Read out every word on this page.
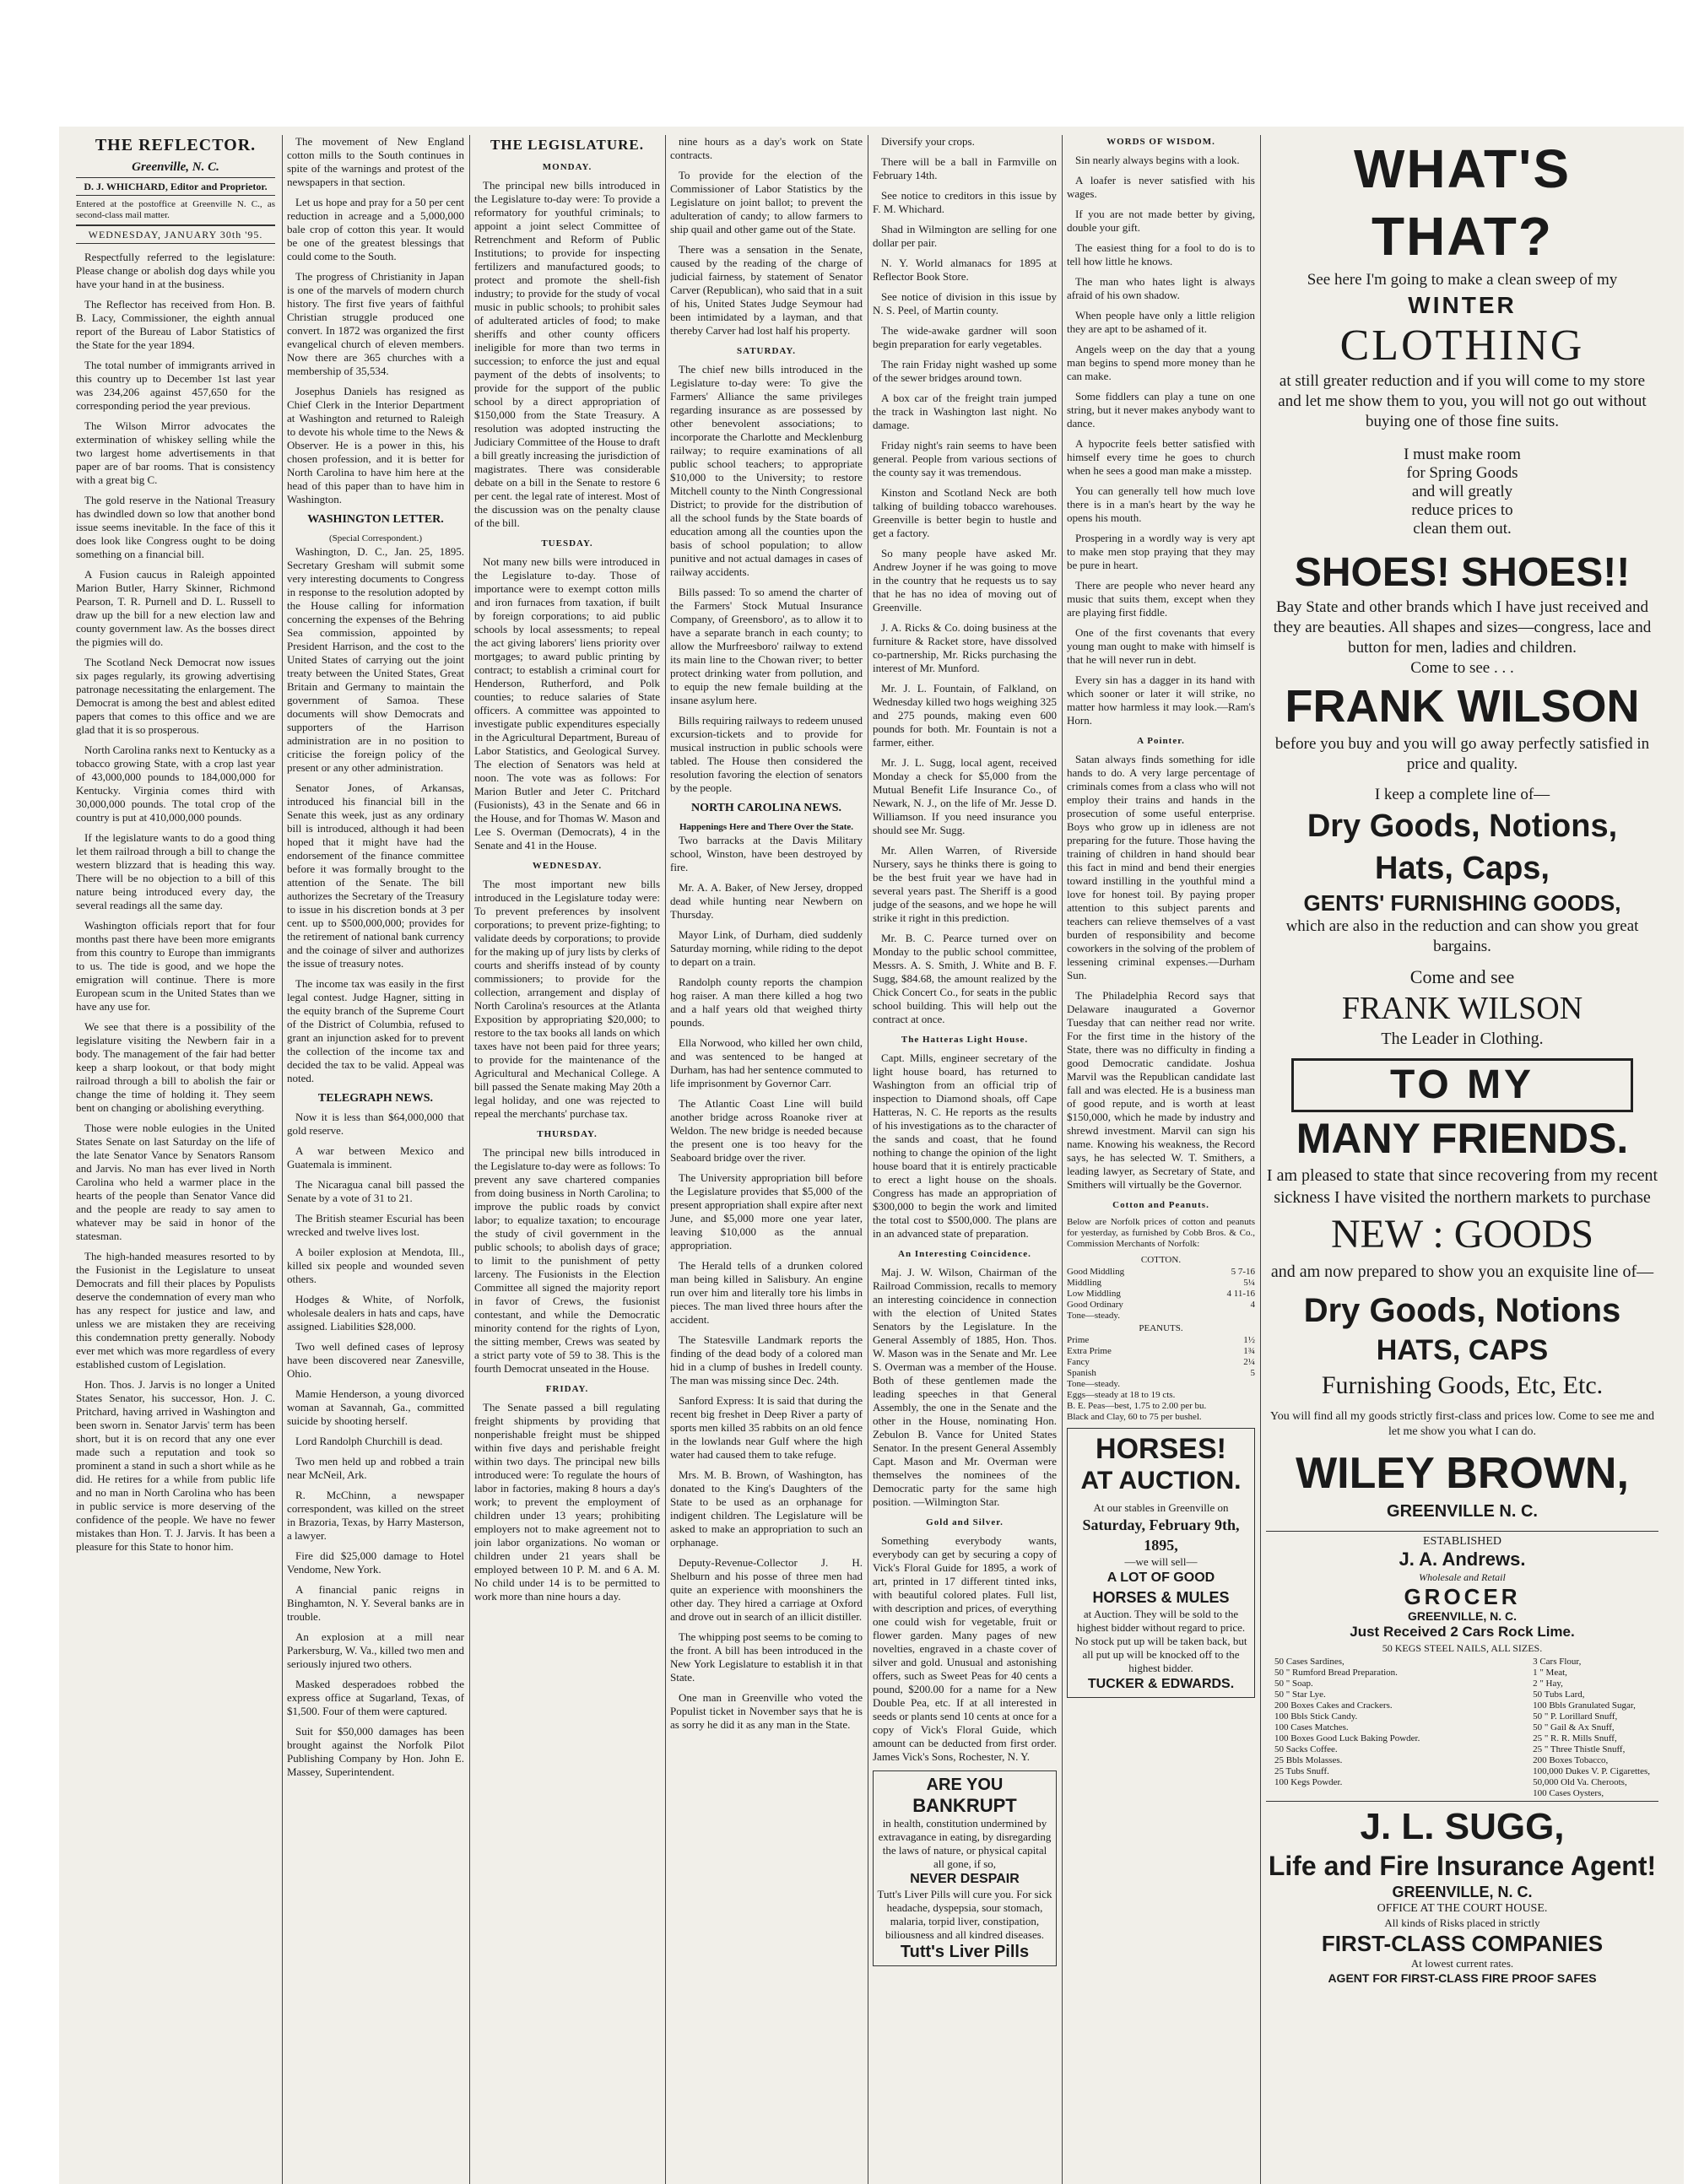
THE REFLECTOR.
Greenville, N. C.
D. J. WHICHARD, Editor and Proprietor.
Entered at the postoffice at Greenville N. C., as second-class mail matter.
WEDNESDAY, JANUARY 30th '95.

Respectfully referred to the legislature: Please change or abolish dog days while you have your hand in at the business.

The Reflector has received from Hon. B. B. Lacy, Commissioner, the eighth annual report of the Bureau of Labor Statistics of the State for the year 1894.

The total number of immigrants arrived in this country up to December 1st last year was 234,206 against 457,650 for the corresponding period the year previous.

The Wilson Mirror advocates the extermination of whiskey selling while the two largest home advertisements in that paper are of bar rooms. That is consistency with a great big C.

The gold reserve in the National Treasury has dwindled down so low that another bond issue seems inevitable. In the face of this it does look like Congress ought to be doing something on a financial bill.

A Fusion caucus in Raleigh appointed Marion Butler, Harry Skinner, Richmond Pearson, T. R. Purnell and D. L. Russell to draw up the bill for a new election law and county government law. As the bosses direct the pigmies will do.

The Scotland Neck Democrat now issues six pages regularly, its growing advertising patronage necessitating the enlargement. The Democrat is among the best and ablest edited papers that comes to this office and we are glad that it is so prosperous.

North Carolina ranks next to Kentucky as a tobacco growing State, with a crop last year of 43,000,000 pounds to 184,000,000 for Kentucky. Virginia comes third with 30,000,000 pounds. The total crop of the country is put at 410,000,000 pounds.

If the legislature wants to do a good thing let them railroad through a bill to change the western blizzard that is heading this way. There will be no objection to a bill of this nature being introduced every day, the several readings all the same day.

Washington officials report that for four months past there have been more emigrants from this country to Europe than immigrants to us. The tide is good, and we hope the emigration will continue. There is more European scum in the United States than we have any use for.

We see that there is a possibility of the legislature visiting the Newbern fair in a body. The management of the fair had better keep a sharp lookout, or that body might railroad through a bill to abolish the fair or change the time of holding it. They seem bent on changing or abolishing everything.

Those were noble eulogies in the United States Senate on last Saturday on the life of the late Senator Vance by Senators Ransom and Jarvis. No man has ever lived in North Carolina who held a warmer place in the hearts of the people than Senator Vance did and the people are ready to say amen to whatever may be said in honor of the statesman.

The high-handed measures resorted to by the Fusionist in the Legislature to unseat Democrats and fill their places by Populists deserve the condemnation of every man who has any respect for justice and law, and unless we are mistaken they are receiving this condemnation pretty generally. Nobody ever met which was more regardless of every established custom of Legislation.

Hon. Thos. J. Jarvis is no longer a United States Senator, his successor, Hon. J. C. Pritchard, having arrived in Washington and been sworn in. Senator Jarvis' term has been short, but it is on record that any one ever made such a reputation and took so prominent a stand in such a short while as he did. He retires for a while from public life and no man in North Carolina who has been in public service is more deserving of the confidence of the people. We have no fewer mistakes than Hon. T. J. Jarvis. It has been a pleasure for this State to honor him.

The movement of New England cotton mills to the South continues in spite of the warnings and protest of the newspapers in that section.

Let us hope and pray for a 50 per cent reduction in acreage and a 5,000,000 bale crop of cotton this year. It would be one of the greatest blessings that could come to the South.

The progress of Christianity in Japan is one of the marvels of modern church history. The first five years of faithful Christian struggle produced one convert. In 1872 was organized the first evangelical church of eleven members. Now there are 365 churches with a membership of 35,534.

Josephus Daniels has resigned as Chief Clerk in the Interior Department at Washington and returned to Raleigh to devote his whole time to the News & Observer. He is a power in this, his chosen profession, and it is better for North Carolina to have him here at the head of this paper than to have him in Washington.

WASHINGTON LETTER.
(Special Correspondent.)

Washington, D. C., Jan. 25, 1895. Secretary Gresham will submit some very interesting documents to Congress in response to the resolution adopted by the House calling for information concerning the expenses of the Behring Sea commission, appointed by President Harrison, and the cost to the United States of carrying out the joint treaty between the United States, Great Britain and Germany to maintain the government of Samoa. These documents will show Democrats and supporters of the Harrison administration are in no position to criticise the foreign policy of the present or any other administration.

Senator Jones, of Arkansas, introduced his financial bill in the Senate this week, just as any ordinary bill is introduced, although it had been hoped that it might have had the endorsement of the finance committee before it was formally brought to the attention of the Senate. The bill authorizes the Secretary of the Treasury to issue in his discretion bonds at 3 per cent. up to $500,000,000; provides for the retirement of national bank currency and the coinage of silver and authorizes the issue of treasury notes.

The income tax was easily in the first legal contest. Judge Hagner, sitting in the equity branch of the Supreme Court of the District of Columbia, refused to grant an injunction asked for to prevent the collection of the income tax and decided the tax to be valid. Appeal was noted.

TELEGRAPH NEWS.

Now it is less than $64,000,000 that gold reserve.

A war between Mexico and Guatemala is imminent.

The Nicaragua canal bill passed the Senate by a vote of 31 to 21.

The British steamer Escurial has been wrecked and twelve lives lost.

A boiler explosion at Mendota, Ill., killed six people and wounded seven others.

Hodges & White, of Norfolk, wholesale dealers in hats and caps, have assigned. Liabilities $28,000.

Two well defined cases of leprosy have been discovered near Zanesville, Ohio.

Mamie Henderson, a young divorced woman at Savannah, Ga., committed suicide by shooting herself.

Lord Randolph Churchill is dead.

Two men held up and robbed a train near McNeil, Ark.

R. McChinn, a newspaper correspondent, was killed on the street in Brazoria, Texas, by Harry Masterson, a lawyer.

Fire did $25,000 damage to Hotel Vendome, New York.

A financial panic reigns in Binghamton, N. Y. Several banks are in trouble.

An explosion at a mill near Parkersburg, W. Va., killed two men and seriously injured two others.

Masked desperadoes robbed the express office at Sugarland, Texas, of $1,500. Four of them were captured.

Suit for $50,000 damages has been brought against the Norfolk Pilot Publishing Company by Hon. John E. Massey, Superintendent.

THE LEGISLATURE.
MONDAY.

The principal new bills introduced in the Legislature to-day were: To provide a reformatory for youthful criminals; to appoint a joint select Committee of Retrenchment and Reform of Public Institutions; to provide for inspecting fertilizers and manufactured goods; to protect and promote the shell-fish industry; to provide for the study of vocal music in public schools; to prohibit sales of adulterated articles of food; to make sheriffs and other county officers ineligible for more than two terms in succession; to enforce the just and equal payment of the debts of insolvents; to provide for the support of the public school by a direct appropriation of $150,000 from the State Treasury. A resolution was adopted instructing the Judiciary Committee of the House to draft a bill greatly increasing the jurisdiction of magistrates. There was considerable debate on a bill in the Senate to restore 6 per cent. the legal rate of interest. Most of the discussion was on the penalty clause of the bill.

TUESDAY.

Not many new bills were introduced in the Legislature to-day. Those of importance were to exempt cotton mills and iron furnaces from taxation, if built by foreign corporations; to aid public schools by local assessments; to repeal the act giving laborers' liens priority over mortgages; to award public printing by contract; to establish a criminal court for Henderson, Rutherford, and Polk counties; to reduce salaries of State officers. A committee was appointed to investigate public expenditures especially in the Agricultural Department, Bureau of Labor Statistics, and Geological Survey. The election of Senators was held at noon. The vote was as follows: For Marion Butler and Jeter C. Pritchard (Fusionists), 43 in the Senate and 66 in the House, and for Thomas W. Mason and Lee S. Overman (Democrats), 4 in the Senate and 41 in the House.

WEDNESDAY.

The most important new bills introduced in the Legislature today were: To prevent preferences by insolvent corporations; to prevent prize-fighting; to validate deeds by corporations; to provide for the making up of jury lists by clerks of courts and sheriffs instead of by county commissioners; to provide for the collection, arrangement and display of North Carolina's resources at the Atlanta Exposition by appropriating $20,000; to restore to the tax books all lands on which taxes have not been paid for three years; to provide for the maintenance of the Agricultural and Mechanical College. A bill passed the Senate making May 20th a legal holiday, and one was rejected to repeal the merchants' purchase tax.

THURSDAY.

The principal new bills introduced in the Legislature to-day were as follows: To prevent any save chartered companies from doing business in North Carolina; to improve the public roads by convict labor; to equalize taxation; to encourage the study of civil government in the public schools; to abolish days of grace; to limit to the punishment of petty larceny. The Fusionists in the Election Committee all signed the majority report in favor of Crews, the fusionist contestant, and while the Democratic minority contend for the rights of Lyon, the sitting member, Crews was seated by a strict party vote of 59 to 38. This is the fourth Democrat unseated in the House.

FRIDAY.

The Senate passed a bill regulating freight shipments by providing that nonperishable freight must be shipped within five days and perishable freight within two days. The principal new bills introduced were: To regulate the hours of labor in factories, making 8 hours a day's work; to prevent the employment of children under 13 years; prohibiting employers not to make agreement not to join labor organizations. No woman or children under 21 years shall be employed between 10 P. M. and 6 A. M. No child under 14 is to be permitted to work more than nine hours a day.

nine hours as a day's work on State contracts.

To provide for the election of the Commissioner of Labor Statistics by the Legislature on joint ballot; to prevent the adulteration of candy; to allow farmers to ship quail and other game out of the State.

There was a sensation in the Senate, caused by the reading of the charge of judicial fairness, by statement of Senator Carver (Republican), who said that in a suit of his, United States Judge Seymour had been intimidated by a layman, and that thereby Carver had lost half his property.

SATURDAY.

The chief new bills introduced in the Legislature to-day were: To give the Farmers' Alliance the same privileges regarding insurance as are possessed by other benevolent associations; to incorporate the Charlotte and Mecklenburg railway; to require examinations of all public school teachers; to appropriate $10,000 to the University; to restore Mitchell county to the Ninth Congressional District; to provide for the distribution of all the school funds by the State boards of education among all the counties upon the basis of school population; to allow punitive and not actual damages in cases of railway accidents.

Bills passed: To so amend the charter of the Farmers' Stock Mutual Insurance Company, of Greensboro', as to allow it to have a separate branch in each county; to allow the Murfreesboro' railway to extend its main line to the Chowan river; to better protect drinking water from pollution, and to equip the new female building at the insane asylum here.

Bills requiring railways to redeem unused excursion-tickets and to provide for musical instruction in public schools were tabled. The House then considered the resolution favoring the election of senators by the people.

NORTH CAROLINA NEWS.
Happenings Here and There Over the State.

Two barracks at the Davis Military school, Winston, have been destroyed by fire.

Mr. A. A. Baker, of New Jersey, dropped dead while hunting near Newbern on Thursday.

Mayor Link, of Durham, died suddenly Saturday morning, while riding to the depot to depart on a train.

Randolph county reports the champion hog raiser. A man there killed a hog two and a half years old that weighed thirty pounds.

Ella Norwood, who killed her own child, and was sentenced to be hanged at Durham, has had her sentence commuted to life imprisonment by Governor Carr.

The Atlantic Coast Line will build another bridge across Roanoke river at Weldon. The new bridge is needed because the present one is too heavy for the Seaboard bridge over the river.

The University appropriation bill before the Legislature provides that $5,000 of the present appropriation shall expire after next June, and $5,000 more one year later, leaving $10,000 as the annual appropriation.

The Herald tells of a drunken colored man being killed in Salisbury. An engine run over him and literally tore his limbs in pieces. The man lived three hours after the accident.

The Statesville Landmark reports the finding of the dead body of a colored man hid in a clump of bushes in Iredell county. The man was missing since Dec. 24th.

Sanford Express: It is said that during the recent big freshet in Deep River a party of sports men killed 35 rabbits on an old fence in the lowlands near Gulf where the high water had caused them to take refuge.

Mrs. M. B. Brown, of Washington, has donated to the King's Daughters of the State to be used as an orphanage for indigent children. The Legislature will be asked to make an appropriation to such an orphanage.

Deputy-Revenue-Collector J. H. Shelburn and his posse of three men had quite an experience with moonshiners the other day. They hired a carriage at Oxford and drove out in search of an illicit distiller.

The whipping post seems to be coming to the front. A bill has been introduced in the New York Legislature to establish it in that State.

One man in Greenville who voted the Populist ticket in November says that he is as sorry he did it as any man in the State.

Diversify your crops.

There will be a ball in Farmville on February 14th.

See notice to creditors in this issue by F. M. Whichard.

Shad in Wilmington are selling for one dollar per pair.

N. Y. World almanacs for 1895 at Reflector Book Store.

See notice of division in this issue by N. S. Peel, of Martin county.

The wide-awake gardner will soon begin preparation for early vegetables.

The rain Friday night washed up some of the sewer bridges around town.

A box car of the freight train jumped the track in Washington last night. No damage.

Friday night's rain seems to have been general. People from various sections of the county say it was tremendous.

Kinston and Scotland Neck are both talking of building tobacco warehouses. Greenville is better begin to hustle and get a factory.

So many people have asked Mr. Andrew Joyner if he was going to move in the country that he requests us to say that he has no idea of moving out of Greenville.

J. A. Ricks & Co. doing business at the furniture & Racket store, have dissolved co-partnership, Mr. Ricks purchasing the interest of Mr. Munford.

Mr. J. L. Fountain, of Falkland, on Wednesday killed two hogs weighing 325 and 275 pounds, making even 600 pounds for both. Mr. Fountain is not a farmer, either.

Mr. J. L. Sugg, local agent, received Monday a check for $5,000 from the Mutual Benefit Life Insurance Co., of Newark, N. J., on the life of Mr. Jesse D. Williamson. If you need insurance you should see Mr. Sugg.

Mr. Allen Warren, of Riverside Nursery, says he thinks there is going to be the best fruit year we have had in several years past. The Sheriff is a good judge of the seasons, and we hope he will strike it right in this prediction.

Mr. B. C. Pearce turned over on Monday to the public school committee, Messrs. A. S. Smith, J. White and B. F. Sugg, $84.68, the amount realized by the Chick Concert Co., for seats in the public school building. This will help out the contract at once.

The Hatteras Light House.

Capt. Mills, engineer secretary of the light house board, has returned to Washington from an official trip of inspection to Diamond shoals, off Cape Hatteras, N. C. He reports as the results of his investigations as to the character of the sands and coast, that he found nothing to change the opinion of the light house board that it is entirely practicable to erect a light house on the shoals. Congress has made an appropriation of $300,000 to begin the work and limited the total cost to $500,000. The plans are in an advanced state of preparation.

An Interesting Coincidence.

Maj. J. W. Wilson, Chairman of the Railroad Commission, recalls to memory an interesting coincidence in connection with the election of United States Senators by the Legislature. In the General Assembly of 1885, Hon. Thos. W. Mason was in the Senate and Mr. Lee S. Overman was a member of the House. Both of these gentlemen made the leading speeches in that General Assembly, the one in the Senate and the other in the House, nominating Hon. Zebulon B. Vance for United States Senator. In the present General Assembly Capt. Mason and Mr. Overman were themselves the nominees of the Democratic party for the same high position. —Wilmington Star.

Gold and Silver.

Something everybody wants, everybody can get by securing a copy of Vick's Floral Guide for 1895, a work of art, printed in 17 different tinted inks, with beautiful colored plates. Full list, with description and prices, of everything one could wish for vegetable, fruit or flower garden. Many pages of new novelties, engraved in a chaste cover of silver and gold. Unusual and astonishing offers, such as Sweet Peas for 40 cents a pound, $200.00 for a name for a New Double Pea, etc. If at all interested in seeds or plants send 10 cents at once for a copy of Vick's Floral Guide, which amount can be deducted from first order. James Vick's Sons, Rochester, N. Y.

ARE YOU
BANKRUPT
in health, constitution undermined by extravagance in eating, by disregarding the laws of nature, or physical capital all gone, if so,
NEVER DESPAIR
Tutt's Liver Pills will cure you. For sick headache, dyspepsia, sour stomach, malaria, torpid liver, constipation, biliousness and all kindred diseases.
Tutt's Liver Pills
WORDS OF WISDOM.

Sin nearly always begins with a look.

A loafer is never satisfied with his wages.

If you are not made better by giving, double your gift.

The easiest thing for a fool to do is to tell how little he knows.

The man who hates light is always afraid of his own shadow.

When people have only a little religion they are apt to be ashamed of it.

Angels weep on the day that a young man begins to spend more money than he can make.

Some fiddlers can play a tune on one string, but it never makes anybody want to dance.

A hypocrite feels better satisfied with himself every time he goes to church when he sees a good man make a misstep.

You can generally tell how much love there is in a man's heart by the way he opens his mouth.

Prospering in a wordly way is very apt to make men stop praying that they may be pure in heart.

There are people who never heard any music that suits them, except when they are playing first fiddle.

One of the first covenants that every young man ought to make with himself is that he will never run in debt.

Every sin has a dagger in its hand with which sooner or later it will strike, no matter how harmless it may look.—Ram's Horn.

A Pointer.

Satan always finds something for idle hands to do. A very large percentage of criminals comes from a class who will not employ their trains and hands in the prosecution of some useful enterprise. Boys who grow up in idleness are not preparing for the future. Those having the training of children in hand should bear this fact in mind and bend their energies toward instilling in the youthful mind a love for honest toil. By paying proper attention to this subject parents and teachers can relieve themselves of a vast burden of responsibility and become coworkers in the solving of the problem of lessening criminal expenses.—Durham Sun.

The Philadelphia Record says that Delaware inaugurated a Governor Tuesday that can neither read nor write. For the first time in the history of the State, there was no difficulty in finding a good Democratic candidate. Joshua Marvil was the Republican candidate last fall and was elected. He is a business man of good repute, and is worth at least $150,000, which he made by industry and shrewd investment. Marvil can sign his name. Knowing his weakness, the Record says, he has selected W. T. Smithers, a leading lawyer, as Secretary of State, and Smithers will virtually be the Governor.

Cotton and Peanuts.
Below are Norfolk prices of cotton and peanuts for yesterday, as furnished by Cobb Bros. & Co., Commission Merchants of Norfolk:
COTTON.
Good Middling	5 7-16
Middling	5¼
Low Middling	4 11-16
Good Ordinary	4
Tone—steady.	
PEANUTS.
Prime	1½
Extra Prime	1¾
Fancy	2¼
Spanish	5
Tone—steady.	
Eggs—steady at 18 to 19 cts.
B. E. Peas—best, 1.75 to 2.00 per bu.
Black and Clay, 60 to 75 per bushel.
HORSES!
AT AUCTION.
At our stables in Greenville on
Saturday, February 9th, 1895,
—we will sell—
A LOT OF GOOD
HORSES & MULES
at Auction. They will be sold to the highest bidder without regard to price. No stock put up will be taken back, but all put up will be knocked off to the highest bidder.
TUCKER & EDWARDS.
WHAT'S THAT?
See here I'm going to make a clean sweep of my
WINTER
CLOTHING
at still greater reduction and if you will come to my store and let me show them to you, you will not go out without buying one of those fine suits.
I must make room
for Spring Goods
and will greatly
reduce prices to
clean them out.
SHOES! SHOES!!
Bay State and other brands which I have just received and they are beauties. All shapes and sizes—congress, lace and button for men, ladies and children.
Come to see . . .
FRANK WILSON
before you buy and you will go away perfectly satisfied in price and quality.
I keep a complete line of—
Dry Goods, Notions, Hats, Caps,
GENTS' FURNISHING GOODS,
which are also in the reduction and can show you great bargains.
Come and see
FRANK WILSON
The Leader in Clothing.
TO MY
MANY FRIENDS.
I am pleased to state that since recovering from my recent sickness I have visited the northern markets to purchase
NEW : GOODS
and am now prepared to show you an exquisite line of—
Dry Goods, Notions
HATS, CAPS
Furnishing Goods, Etc, Etc.
You will find all my goods strictly first-class and prices low. Come to see me and let me show you what I can do.
WILEY BROWN,
GREENVILLE N. C.
ESTABLISHED
J. A. Andrews.
Wholesale and Retail
GROCER
GREENVILLE, N. C.
Just Received 2 Cars Rock Lime.
50 KEGS STEEL NAILS, ALL SIZES.
50 Cases Sardines,
50 " Rumford Bread Preparation.
50 " Soap.
50 " Star Lye.
200 Boxes Cakes and Crackers.
100 Bbls Stick Candy.
100 Cases Matches.
100 Boxes Good Luck Baking Powder.
50 Sacks Coffee.
25 Bbls Molasses.
25 Tubs Snuff.
100 Kegs Powder.
3 Cars Flour,
1 " Meat,
2 " Hay,
50 Tubs Lard,
100 Bbls Granulated Sugar,
50 " P. Lorillard Snuff,
50 " Gail & Ax Snuff,
25 " R. R. Mills Snuff,
25 " Three Thistle Snuff,
200 Boxes Tobacco,
100,000 Dukes V. P. Cigarettes,
50,000 Old Va. Cheroots,
100 Cases Oysters,
J. L. SUGG,
Life and Fire Insurance Agent!
GREENVILLE, N. C.
OFFICE AT THE COURT HOUSE.
All kinds of Risks placed in strictly
FIRST-CLASS COMPANIES
At lowest current rates.
AGENT FOR FIRST-CLASS FIRE PROOF SAFES
